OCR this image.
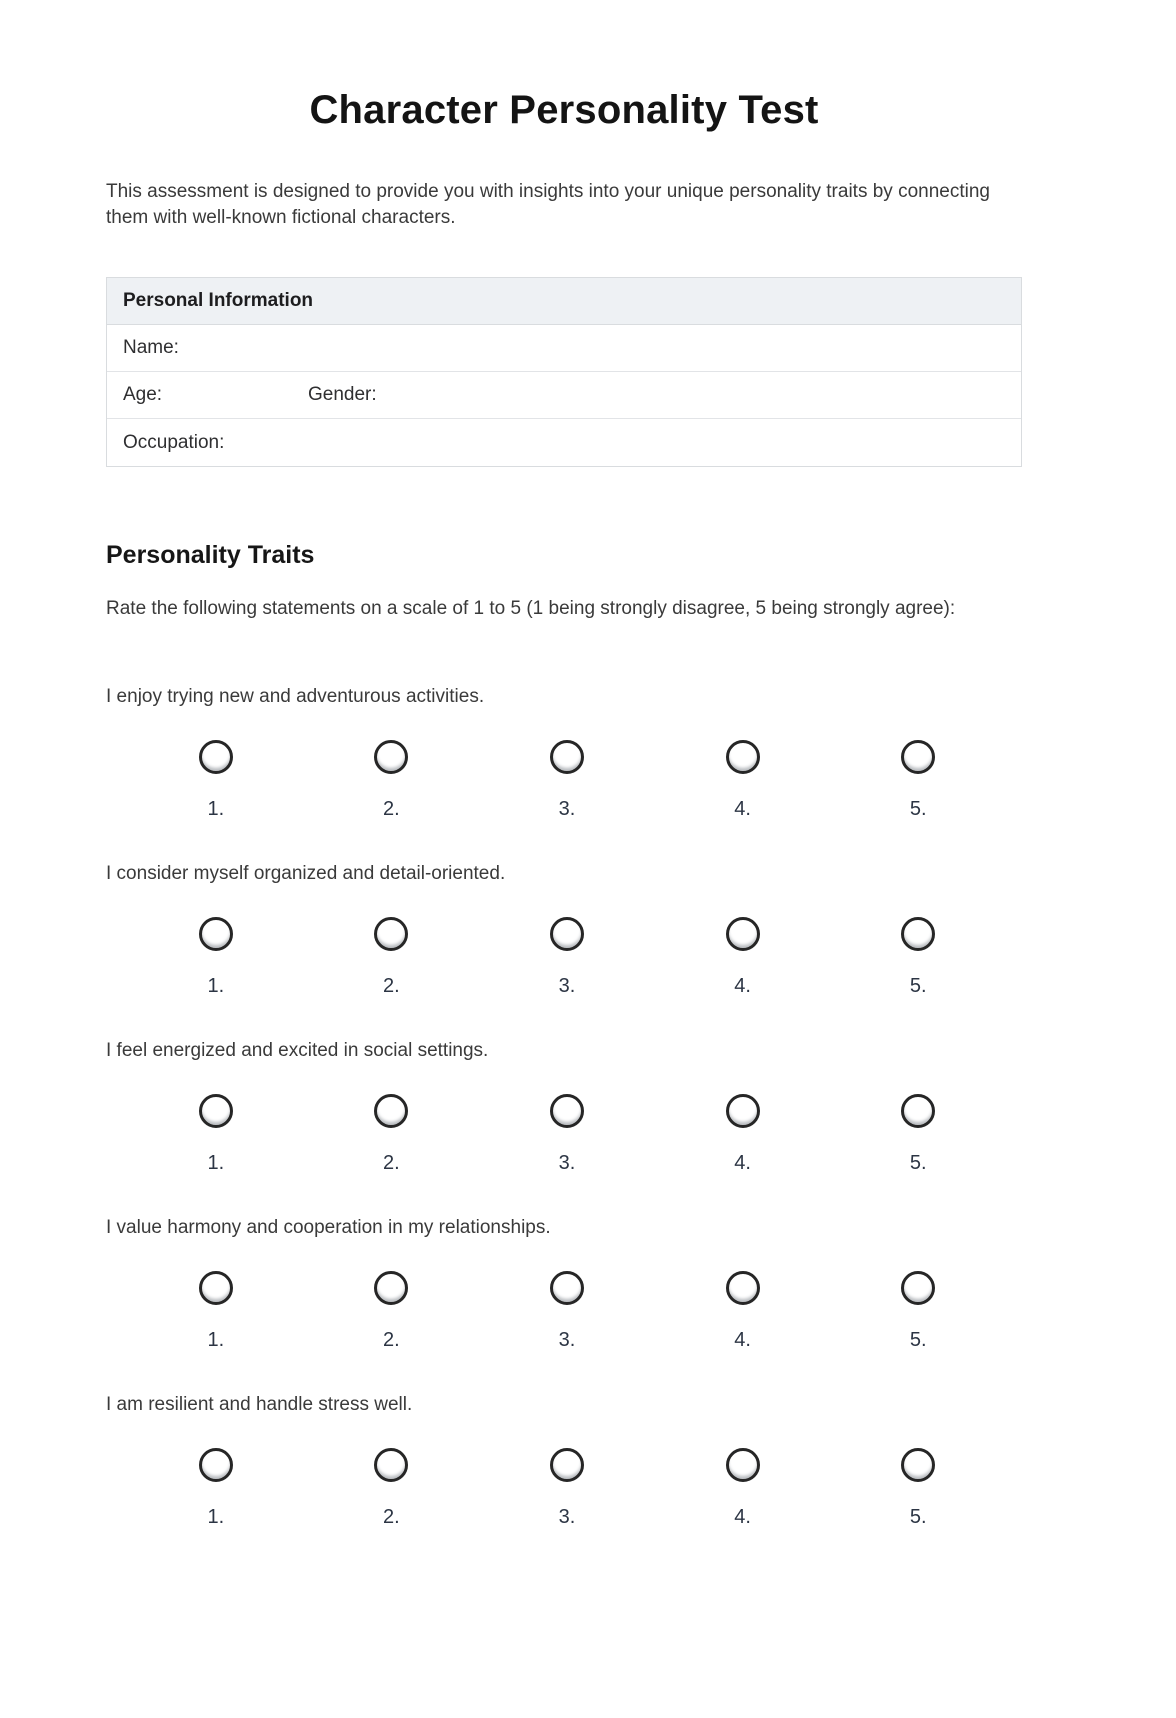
Character Personality Test

This assessment is designed to provide you with insights into your unique personality traits by connecting them with well-known fictional characters.

Personal Information
Name:
Age:	Gender:
Occupation:
Personality Traits

Rate the following statements on a scale of 1 to 5 (1 being strongly disagree, 5 being strongly agree):

I enjoy trying new and adventurous activities.

1.	2.	3.	4.	5.

I consider myself organized and detail-oriented.

1.	2.	3.	4.	5.

I feel energized and excited in social settings.

1.	2.	3.	4.	5.

I value harmony and cooperation in my relationships.

1.	2.	3.	4.	5.

I am resilient and handle stress well.

1.	2.	3.	4.	5.
